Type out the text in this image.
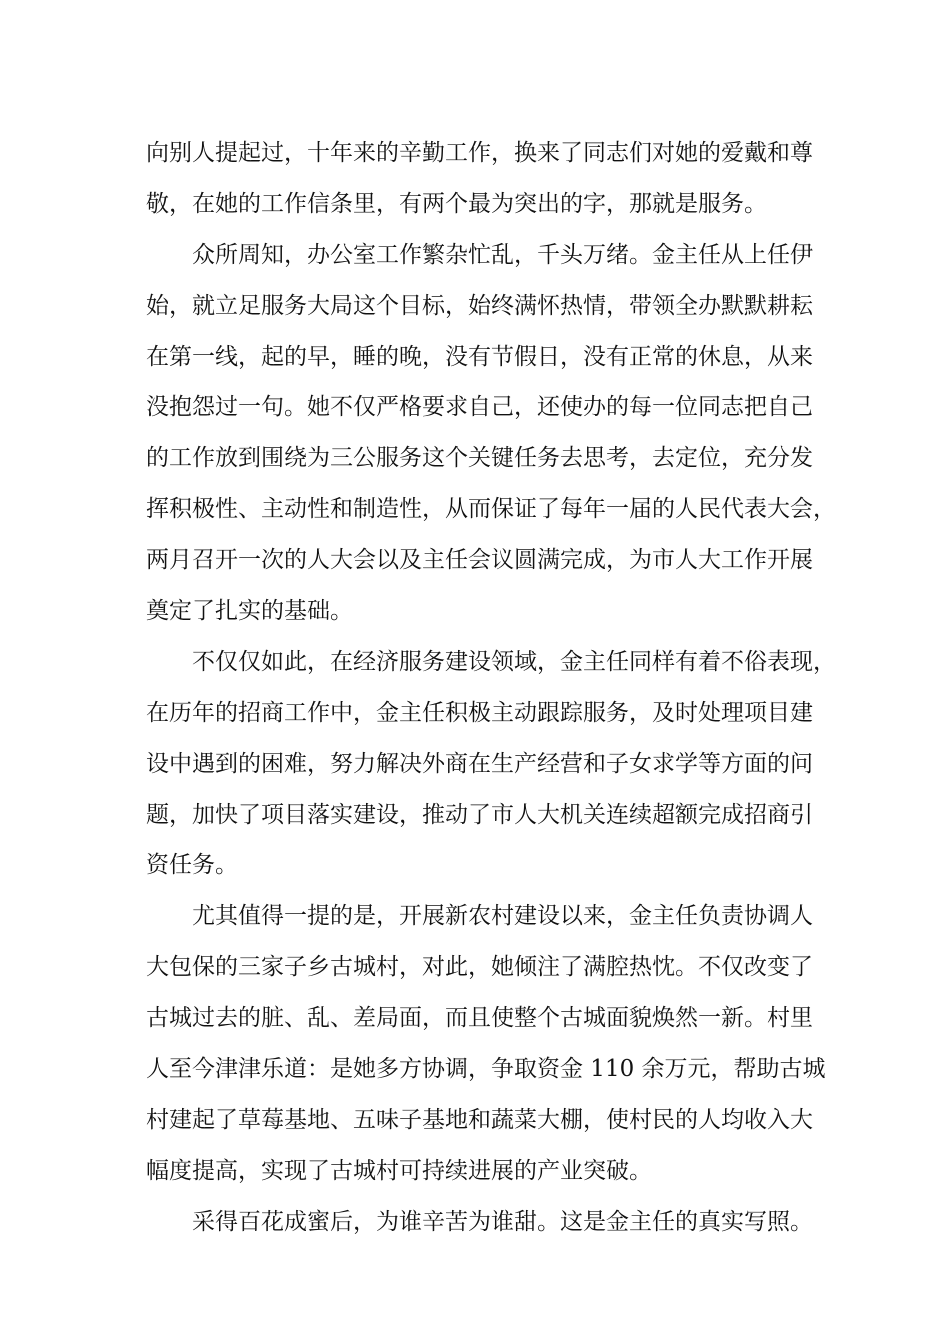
向别人提起过，十年来的辛勤工作，换来了同志们对她的爱戴和尊
敬，在她的工作信条里，有两个最为突出的字，那就是服务。
众所周知，办公室工作繁杂忙乱，千头万绪。金主任从上任伊
始，就立足服务大局这个目标，始终满怀热情，带领全办默默耕耘
在第一线，起的早，睡的晚，没有节假日，没有正常的休息，从来
没抱怨过一句。她不仅严格要求自己，还使办的每一位同志把自己
的工作放到围绕为三公服务这个关键任务去思考，去定位，充分发
挥积极性、主动性和制造性，从而保证了每年一届的人民代表大会，
两月召开一次的人大会以及主任会议圆满完成，为市人大工作开展
奠定了扎实的基础。
不仅仅如此，在经济服务建设领域，金主任同样有着不俗表现，
在历年的招商工作中，金主任积极主动跟踪服务，及时处理项目建
设中遇到的困难，努力解决外商在生产经营和子女求学等方面的问
题，加快了项目落实建设，推动了市人大机关连续超额完成招商引
资任务。
尤其值得一提的是，开展新农村建设以来，金主任负责协调人
大包保的三家子乡古城村，对此，她倾注了满腔热忱。不仅改变了
古城过去的脏、乱、差局面，而且使整个古城面貌焕然一新。村里
人至今津津乐道：是她多方协调，争取资金 110 余万元，帮助古城
村建起了草莓基地、五味子基地和蔬菜大棚，使村民的人均收入大
幅度提高，实现了古城村可持续进展的产业突破。
采得百花成蜜后，为谁辛苦为谁甜。这是金主任的真实写照。
